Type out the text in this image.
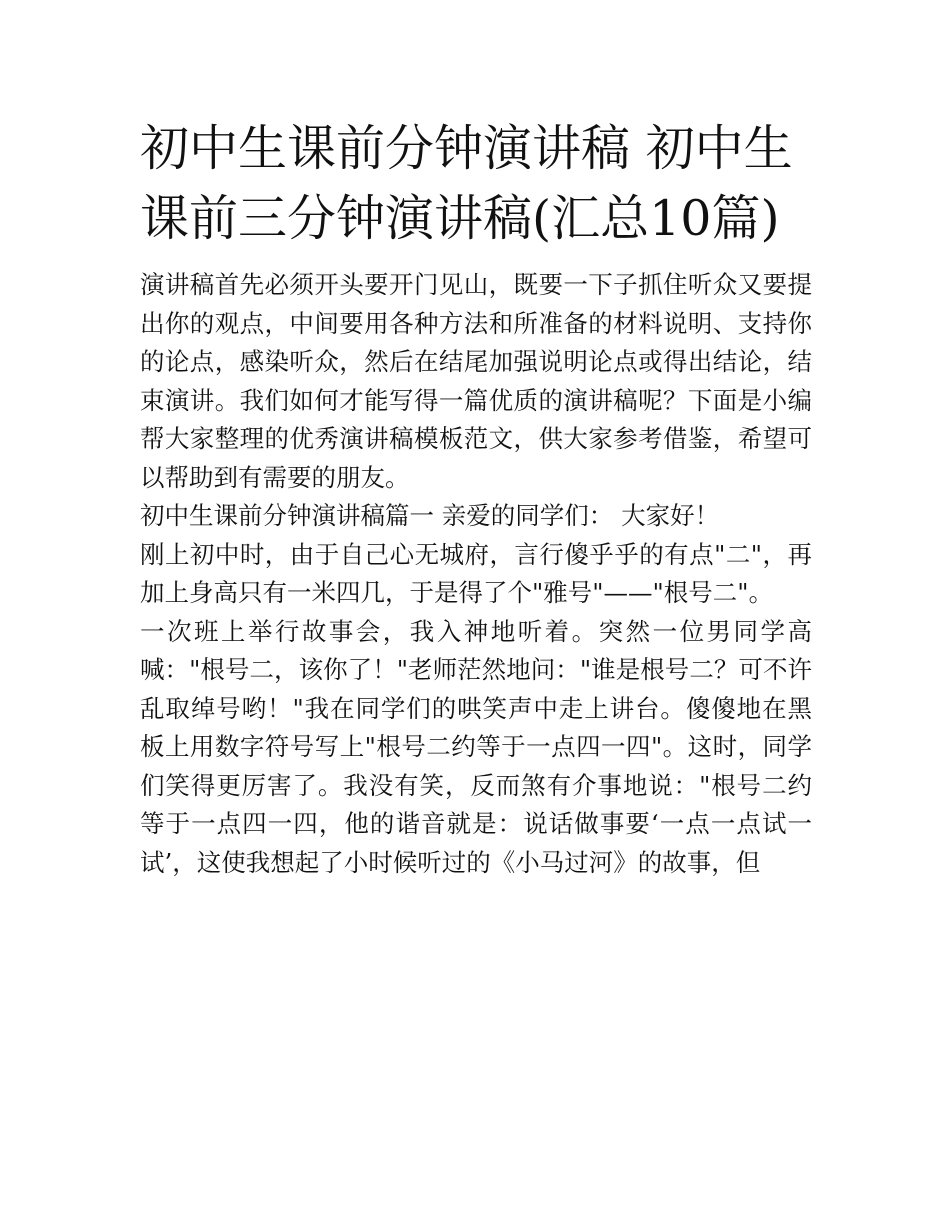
初中生课前分钟演讲稿 初中生课前三分钟演讲稿(汇总10篇)

演讲稿首先必须开头要开门见山，既要一下子抓住听众又要提出你的观点，中间要用各种方法和所准备的材料说明、支持你的论点，感染听众，然后在结尾加强说明论点或得出结论，结束演讲。我们如何才能写得一篇优质的演讲稿呢？下面是小编帮大家整理的优秀演讲稿模板范文，供大家参考借鉴，希望可以帮助到有需要的朋友。

初中生课前分钟演讲稿篇一 亲爱的同学们： 大家好！

刚上初中时，由于自己心无城府，言行傻乎乎的有点"二"，再加上身高只有一米四几，于是得了个"雅号"——"根号二"。

一次班上举行故事会，我入神地听着。突然一位男同学高喊："根号二，该你了！"老师茫然地问："谁是根号二？可不许乱取绰号哟！"我在同学们的哄笑声中走上讲台。傻傻地在黑板上用数字符号写上"根号二约等于一点四一四"。这时，同学们笑得更厉害了。我没有笑，反而煞有介事地说："根号二约等于一点四一四，他的谐音就是：说话做事要‘一点一点试一试’，这使我想起了小时候听过的《小马过河》的故事，但
